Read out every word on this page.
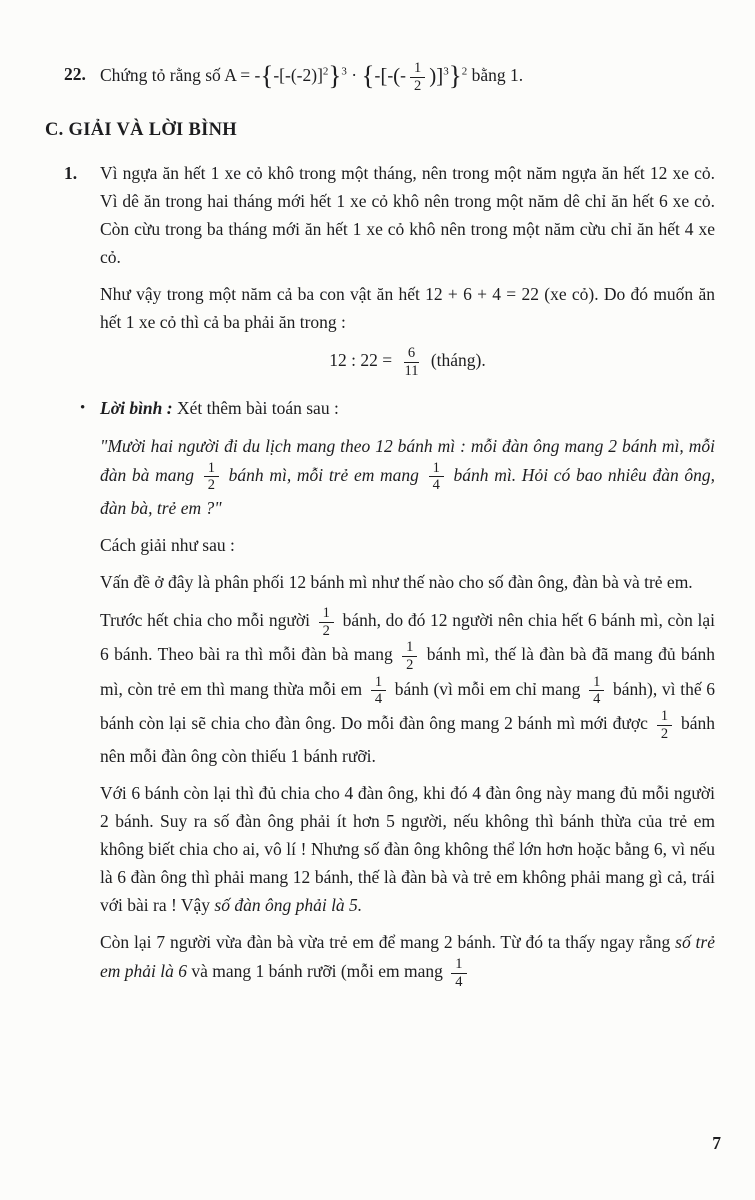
22. Chứng tỏ rằng số $A = -\{-[-(-2)]^2\}^3$ · {-[-(- $\frac{1}{2} )]^3\}^2$ bằng 1.
C. GIẢI VÀ LỜI BÌNH
1.	Vì ngựa ăn hết 1 xe cỏ khô trong một tháng, nên trong một năm ngựa ăn hết 12 xe cỏ. Vì dê ăn trong hai tháng mới hết 1 xe cỏ khô nên trong một năm dê chỉ ăn hết 6 xe cỏ. Còn cừu trong ba tháng mới ăn hết 1 xe cỏ khô nên trong một năm cừu chỉ ăn hết 4 xe cỏ.

Như vậy trong một năm cả ba con vật ăn hết 12 + 6 + 4 = 22 (xe cỏ). Do đó muốn ăn hết 1 xe cỏ thì cả ba phải ăn trong :

12 : $22 = \frac{6}{11}$ (tháng).

• Lời bình : Xét thêm bài toán sau :

"Mười hai người đi du lịch mang theo 12 bánh mì : mỗi đàn ông mang 2 bánh mì, mỗi đàn bà mang $\frac{1}{2}$ bánh mì, mỗi trẻ em mang $\frac{1}{4}$ bánh mì. Hỏi có bao nhiêu đàn ông, đàn bà, trẻ em ?"

Cách giải như sau :

Vấn đề ở đây là phân phối 12 bánh mì như thế nào cho số đàn ông, đàn bà và trẻ em.

Trước hết chia cho mỗi người $\frac{1}{2}$ bánh, do đó 12 người nên chia hết 6 bánh mì, còn lại 6 bánh. Theo bài ra thì mỗi đàn bà mang $\frac{1}{2}$ bánh mì, thế là đàn bà đã mang đủ bánh mì, còn trẻ em thì mang thừa mỗi em $\frac{1}{4}$ bánh (vì mỗi em chỉ mang $\frac{1}{4}$ bánh), vì thế 6 bánh còn lại sẽ chia cho đàn ông. Do mỗi đàn ông mang 2 bánh mì mới được $\frac{1}{2}$ bánh nên mỗi đàn ông còn thiếu 1 bánh rưỡi.

Với 6 bánh còn lại thì đủ chia cho 4 đàn ông, khi đó 4 đàn ông này mang đủ mỗi người 2 bánh. Suy ra số đàn ông phải ít hơn 5 người, nếu không thì bánh thừa của trẻ em không biết chia cho ai, vô lí ! Nhưng số đàn ông không thể lớn hơn hoặc bằng 6, vì nếu là 6 đàn ông thì phải mang 12 bánh, thế là đàn bà và trẻ em không phải mang gì cả, trái với bài ra ! Vậy số đàn ông phải là 5.

Còn lại 7 người vừa đàn bà vừa trẻ em để mang 2 bánh. Từ đó ta thấy ngay rằng số trẻ em phải là 6 và mang 1 bánh rưỡi (mỗi em mang $\frac{1}{4}$

7
